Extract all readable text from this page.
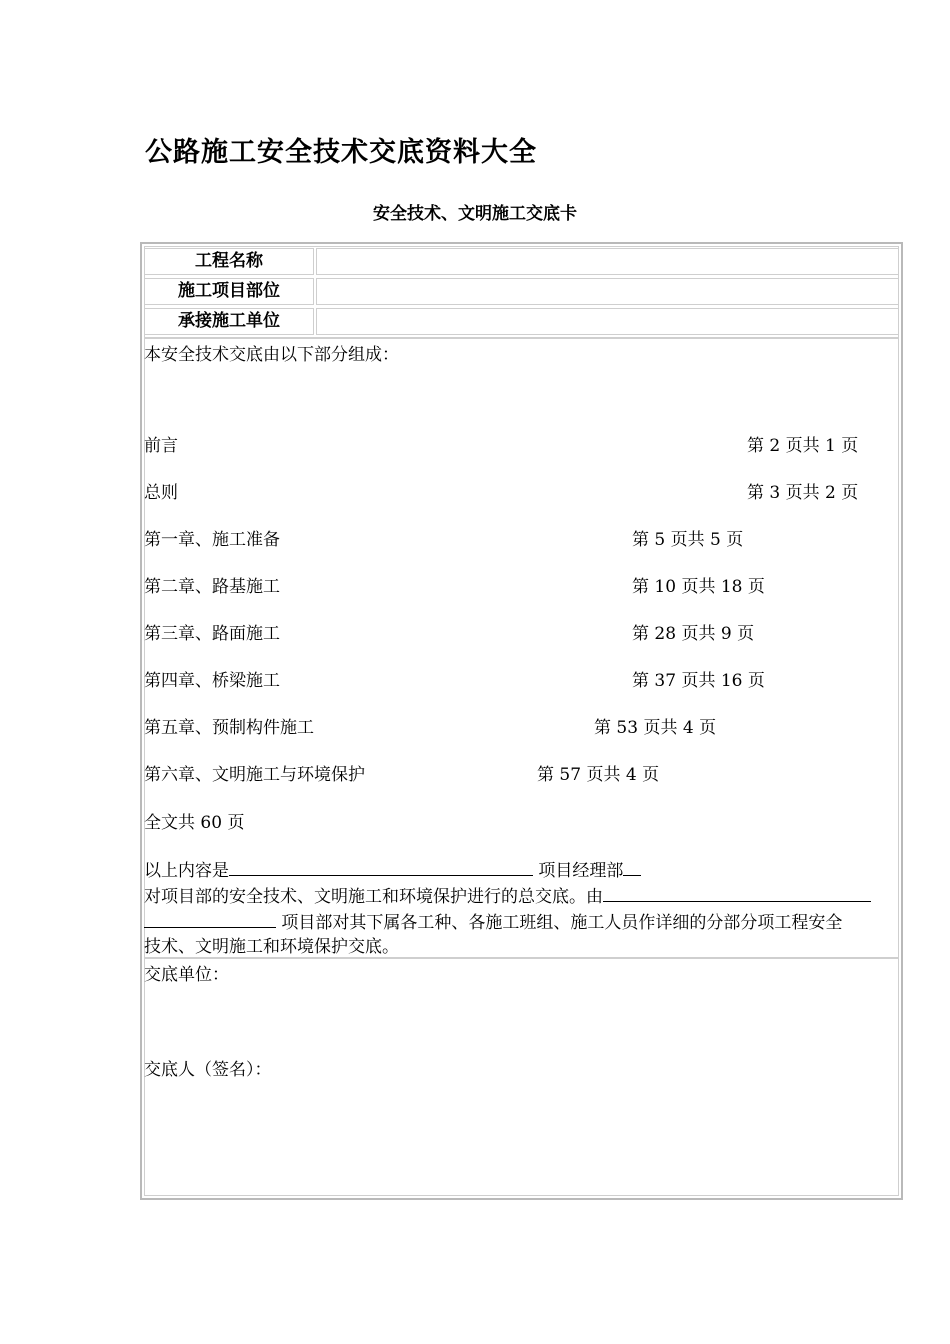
公路施工安全技术交底资料大全
安全技术、文明施工交底卡
工程名称
施工项目部位
承接施工单位
本安全技术交底由以下部分组成：
前言	第 2 页共 1 页
总则	第 3 页共 2 页
第一章、施工准备	第 5 页共 5 页
第二章、路基施工	第 10 页共 18 页
第三章、路面施工	第 28 页共 9 页
第四章、桥梁施工	第 37 页共 16 页
第五章、预制构件施工	第 53 页共 4 页
第六章、文明施工与环境保护	第 57 页共 4 页
全文共 60 页
以上内容是	项目经理部
对项目部的安全技术、文明施工和环境保护进行的总交底。由
项目部对其下属各工种、各施工班组、施工人员作详细的分部分项工程安全
技术、文明施工和环境保护交底。
交底单位：
交底人（签名）：
